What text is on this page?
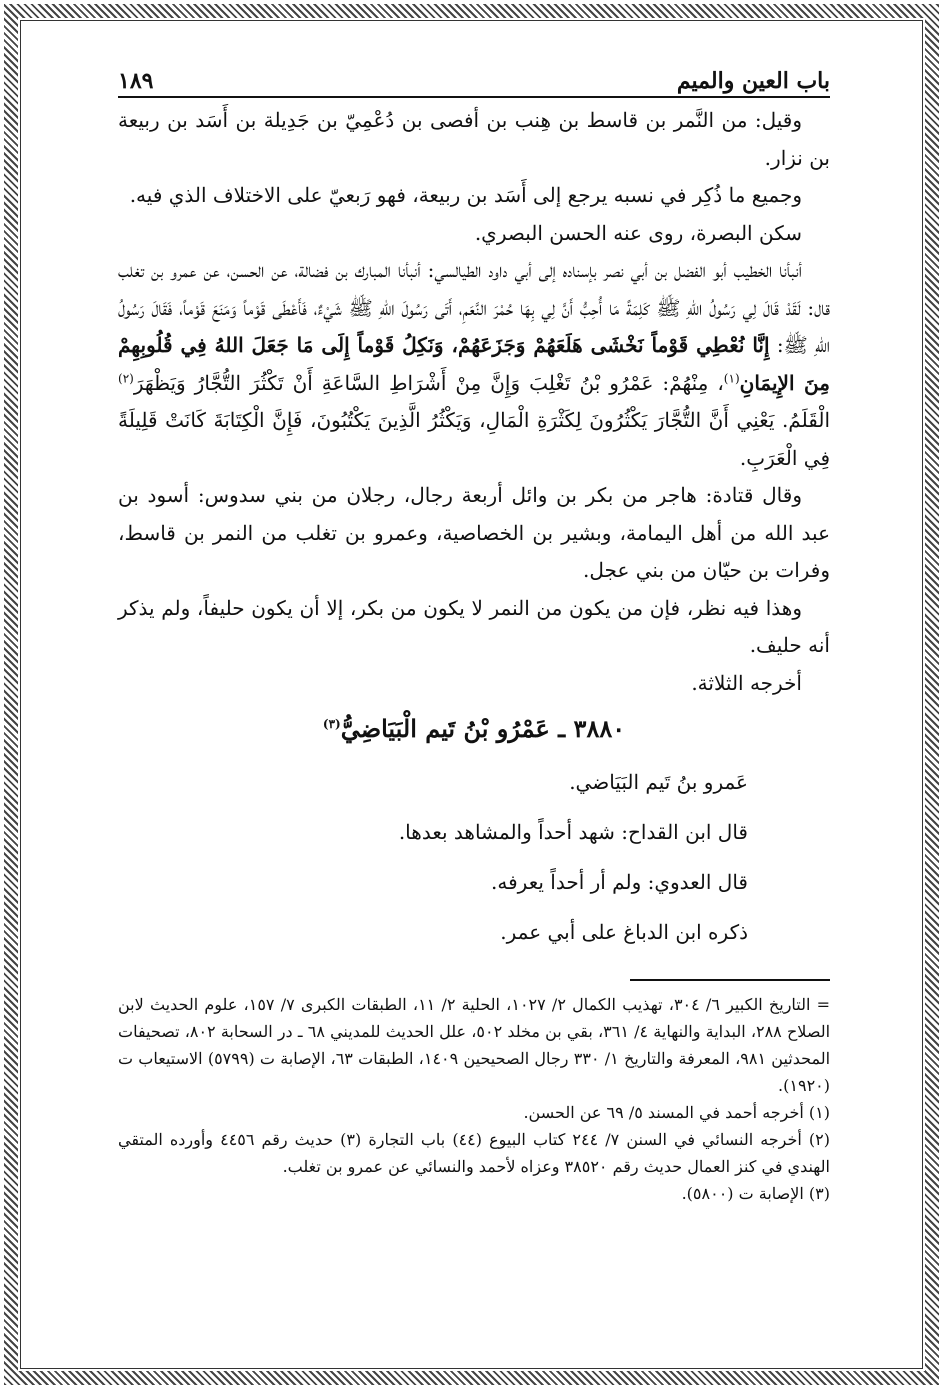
باب العين والميم
١٨٩

وقيل: من النَّمر بن قاسط بن هِنب بن أفصى بن دُعْمِيّ بن جَدِيلة بن أَسَد بن ربيعة بن نزار.

وجميع ما ذُكِر في نسبه يرجع إلى أَسَد بن ربيعة، فهو رَبعيّ على الاختلاف الذي فيه.

سكن البصرة، روى عنه الحسن البصري.

أنبأنا الخطيب أبو الفضل بن أبي نصر بإسناده إلى أبي داود الطيالسي: أنبأنا المبارك بن فضالة، عن الحسن، عن عمرو بن تغلب قال: لَقَدْ قَالَ لِي رَسُولُ اللهِ ﷺ كَلِمَةً مَا أُحِبُّ أَنَّ لِي بِهَا حُمْرَ النَّعَمِ، أَتَى رَسُولَ اللهِ ﷺ شَيْءٌ، فَأَعْطَى قَوْماً وَمَنَعَ قَوْماً، فَقَالَ رَسُولُ اللهِ ﷺ: إِنَّا نُعْطِي قَوْماً نَخْشَى هَلَعَهُمْ وَجَزَعَهُمْ، وَنَكِلُ قَوْماً إِلَى مَا جَعَلَ اللهُ فِي قُلُوبِهِمْ مِنَ الإِيمَانِ$^{(١)}$، مِنْهُمْ: عَمْرُو بْنُ تَغْلِبَ وَإِنَّ مِنْ أَشْرَاطِ السَّاعَةِ أَنْ تَكْثُرَ التُّجَّارُ وَيَظْهَرَ$^{(٢)}$ الْقَلَمُ. يَعْنِي أَنَّ التُّجَّارَ يَكْثُرُونَ لِكَثْرَةِ الْمَالِ، وَيَكْثُرُ الَّذِينَ يَكْتُبُونَ، فَإِنَّ الْكِتَابَةَ كَانَتْ قَلِيلَةً فِي الْعَرَبِ.

وقال قتادة: هاجر من بكر بن وائل أربعة رجال، رجلان من بني سدوس: أسود بن عبد الله من أهل اليمامة، وبشير بن الخصاصية، وعمرو بن تغلب من النمر بن قاسط، وفرات بن حيّان من بني عجل.

وهذا فيه نظر، فإن من يكون من النمر لا يكون من بكر، إلا أن يكون حليفاً، ولم يذكر أنه حليف.

أخرجه الثلاثة.

٣٨٨٠ ـ عَمْرُو بْنُ تَيم الْبَيَاضِيُّ$^{(٣)}$
عَمرو بنُ تَيم البَيَاضي.
قال ابن القداح: شهد أحداً والمشاهد بعدها.
قال العدوي: ولم أر أحداً يعرفه.
ذكره ابن الدباغ على أبي عمر.

= التاريخ الكبير ٦/ ٣٠٤، تهذيب الكمال ٢/ ١٠٢٧، الحلية ٢/ ١١، الطبقات الكبرى ٧/ ١٥٧، علوم الحديث لابن الصلاح ٢٨٨، البداية والنهاية ٤/ ٣٦١، بقي بن مخلد ٥٠٢، علل الحديث للمديني ٦٨ ـ در السحابة ٨٠٢، تصحيفات المحدثين ٩٨١، المعرفة والتاريخ ١/ ٣٣٠ رجال الصحيحين ١٤٠٩، الطبقات ٦٣، الإصابة ت (٥٧٩٩) الاستيعاب ت (١٩٢٠).

(١) أخرجه أحمد في المسند ٥/ ٦٩ عن الحسن.

(٢) أخرجه النسائي في السنن ٧/ ٢٤٤ كتاب البيوع (٤٤) باب التجارة (٣) حديث رقم ٤٤٥٦ وأورده المتقي الهندي في كنز العمال حديث رقم ٣٨٥٢٠ وعزاه لأحمد والنسائي عن عمرو بن تغلب.

(٣) الإصابة ت (٥٨٠٠).
